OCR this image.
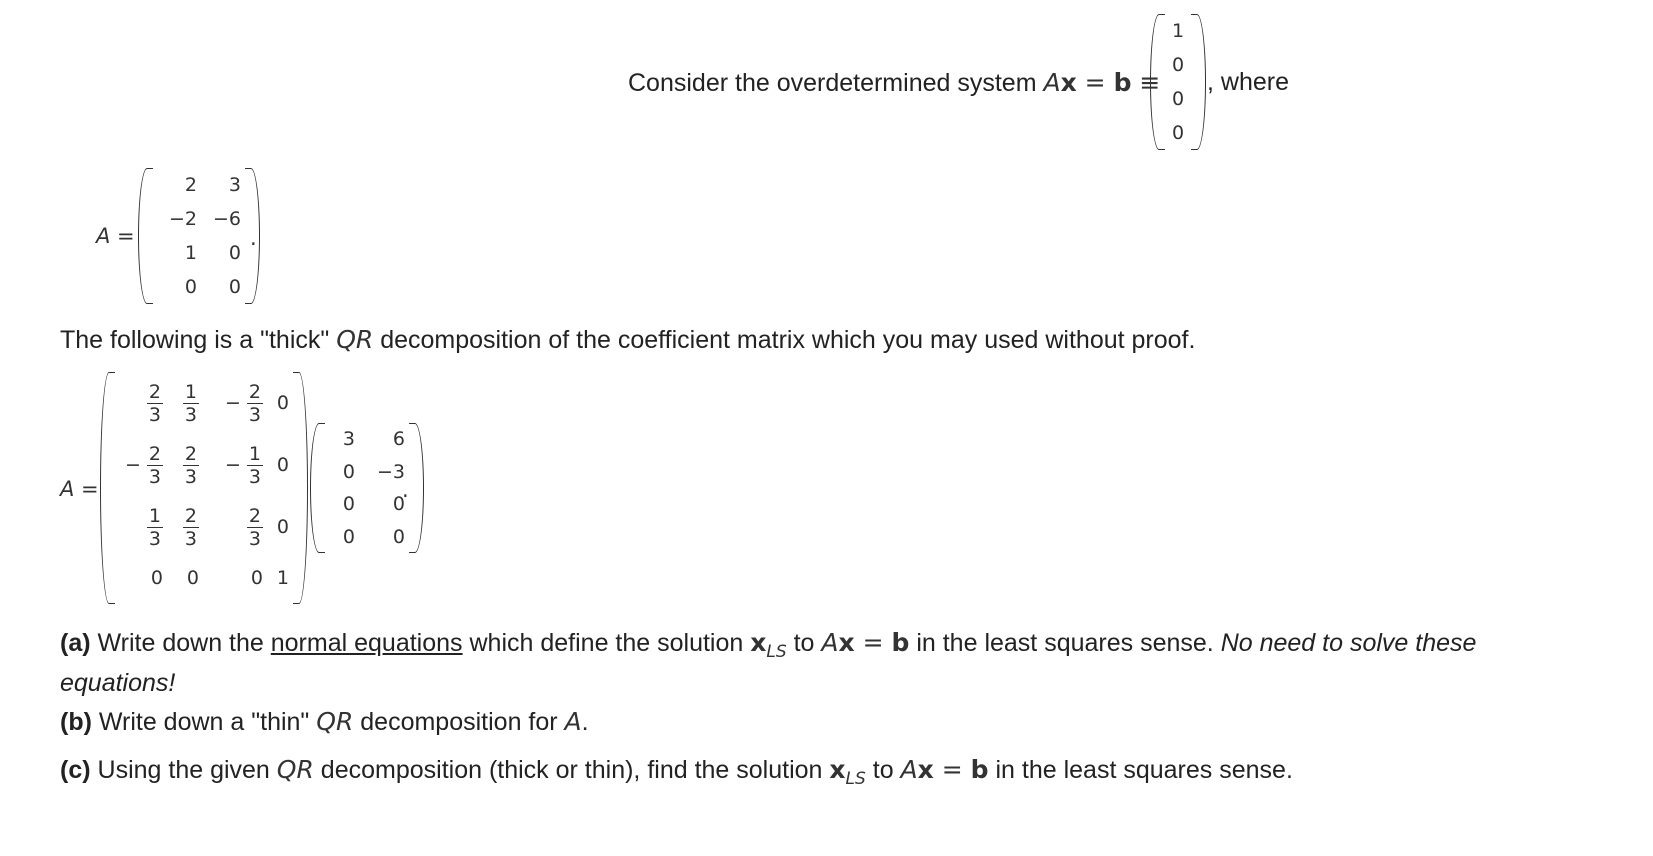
Consider the overdetermined system Ax = b ≡
1
0
0
0
, where
A =
2 3
−2 −6
1 0
0 0
.
The following is a "thick" QR decomposition of the coefficient matrix which you may used without proof.
A =
$\frac{2}{3} \frac{1}{3} - \frac{2}{3} 0$
− $\frac{2}{3} \frac{2}{3} - \frac{1}{3} 0$
$\frac{1}{3} \frac{2}{3}$	$\frac{2}{3} 0$
0 0	0 1
3 6
0 −3
0 0
0 0
.
(a) Write down the normal equations which define the solution $x_{LS}$ to Ax = b in the least squares sense. No need to solve these
equations!
(b) Write down a "thin" QR decomposition for A.
(c) Using the given QR decomposition (thick or thin), find the solution $x_{LS}$ to Ax = b in the least squares sense.
